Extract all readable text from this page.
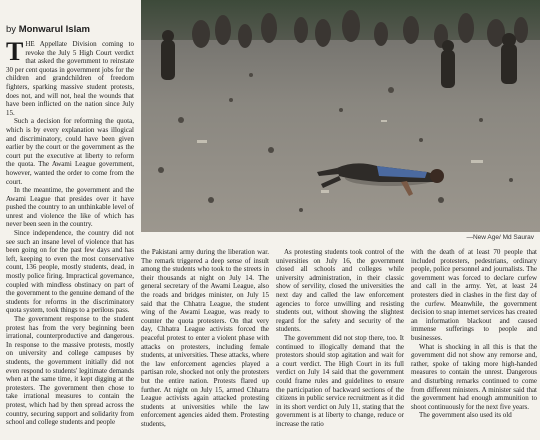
by Monwarul Islam

THE Appellate Division coming to revoke the July 5 High Court verdict that asked the government to reinstate 30 per cent quotas in government jobs for the children and grandchildren of freedom fighters, sparking massive student protests, does not, and will not, heal the wounds that have been inflicted on the nation since July 15.

Such a decision for reforming the quota, which is by every explanation was illogical and discriminatory, could have been given earlier by the court or the government as the court put the executive at liberty to reform the quota. The Awami League government, however, wanted the order to come from the court.

In the meantime, the government and the Awami League that presides over it have pushed the country to an unthinkable level of unrest and violence the like of which has never been seen in the country.

Since independence, the country did not see such an insane level of violence that has been going on for the past few days and has left, keeping to even the most conservative count, 136 people, mostly students, dead, in mostly police firing. Impractical governance, coupled with mindless obstinacy on part of the government to the genuine demand of the students for reforms in the discriminatory quota system, took things to a perilous pass.

The government response to the student protest has from the very beginning been irrational, counterproductive and dangerous. In response to the massive protests, mostly on university and college campuses by students, the government initially did not even respond to students' legitimate demands when at the same time, it kept digging at the protesters. The government then chose to take irrational measures to contain the protest, which had by then spread across the country, securing support and solidarity from school and college students and people

—New Age/ Md Saurav

the Pakistani army during the liberation war. The remark triggered a deep sense of insult among the students who took to the streets in their thousands at night on July 14. The general secretary of the Awami League, also the roads and bridges minister, on July 15 said that the Chhatra League, the student wing of the Awami League, was ready to counter the quota protesters. On that very day, Chhatra League activists forced the peaceful protest to enter a violent phase with attacks on protesters, including female students, at universities. These attacks, where the law enforcement agencies played a partisan role, shocked not only the protesters but the entire nation. Protests flared up further. At night on July 15, armed Chhatra League activists again attacked protesting students at universities while the law enforcement agencies aided them. Protesting students,

As protesting students took control of the universities on July 16, the government closed all schools and colleges while university administration, in their classic show of servility, closed the universities the next day and called the law enforcement agencies to force unwilling and resisting students out, without showing the slightest regard for the safety and security of the students.

The government did not stop there, too. It continued to illogically demand that the protestors should stop agitation and wait for a court verdict. The High Court in its full verdict on July 14 said that the government could frame rules and guidelines to ensure the participation of backward sections of the citizens in public service recruitment as it did in its short verdict on July 11, stating that the government is at liberty to change, reduce or increase the ratio

with the death of at least 70 people that included protesters, pedestrians, ordinary people, police personnel and journalists. The government was forced to declare curfew and call in the army. Yet, at least 24 protesters died in clashes in the first day of the curfew. Meanwhile, the government decision to snap internet services has created an information blackout and caused immense sufferings to people and businesses.

What is shocking in all this is that the government did not show any remorse and, rather, spoke of taking more high-handed measures to contain the unrest. Dangerous and disturbing remarks continued to come from different ministers. A minister said that the government had enough ammunition to shoot continuously for the next five years.

The government also used its old
